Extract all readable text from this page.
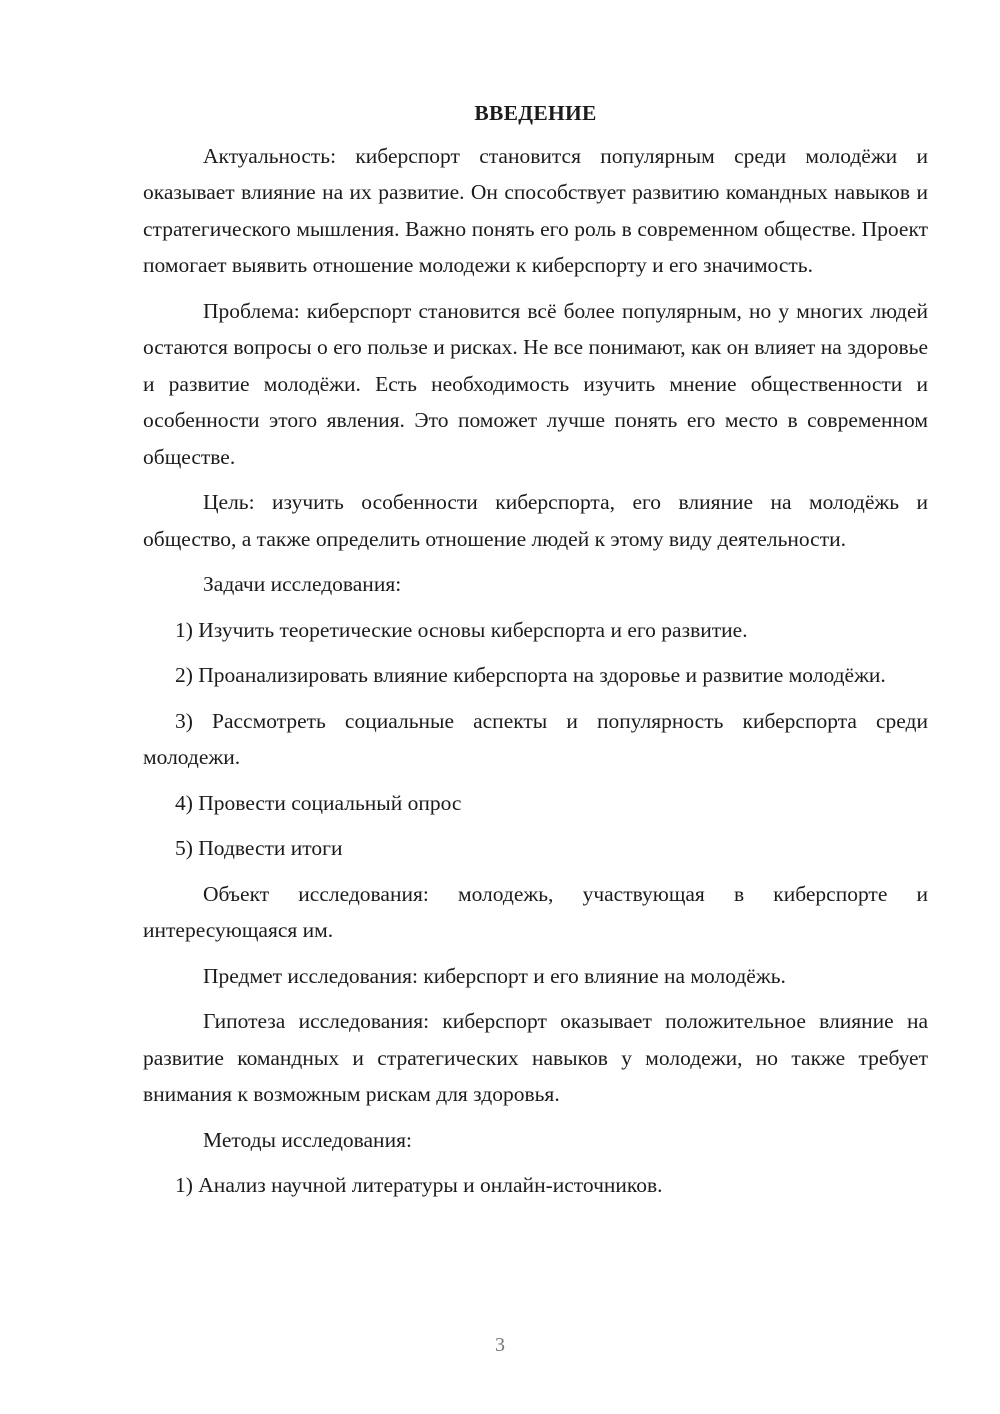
ВВЕДЕНИЕ

Актуальность: киберспорт становится популярным среди молодёжи и оказывает влияние на их развитие. Он способствует развитию командных навыков и стратегического мышления. Важно понять его роль в современном обществе. Проект помогает выявить отношение молодежи к киберспорту и его значимость.

Проблема: киберспорт становится всё более популярным, но у многих людей остаются вопросы о его пользе и рисках. Не все понимают, как он влияет на здоровье и развитие молодёжи. Есть необходимость изучить мнение общественности и особенности этого явления. Это поможет лучше понять его место в современном обществе.

Цель: изучить особенности киберспорта, его влияние на молодёжь и общество, а также определить отношение людей к этому виду деятельности.

Задачи исследования:

1) Изучить теоретические основы киберспорта и его развитие.

2) Проанализировать влияние киберспорта на здоровье и развитие молодёжи.

3) Рассмотреть социальные аспекты и популярность киберспорта среди молодежи.

4) Провести социальный опрос

5) Подвести итоги

Объект исследования: молодежь, участвующая в киберспорте и интересующаяся им.

Предмет исследования: киберспорт и его влияние на молодёжь.

Гипотеза исследования: киберспорт оказывает положительное влияние на развитие командных и стратегических навыков у молодежи, но также требует внимания к возможным рискам для здоровья.

Методы исследования:

1) Анализ научной литературы и онлайн-источников.

3
